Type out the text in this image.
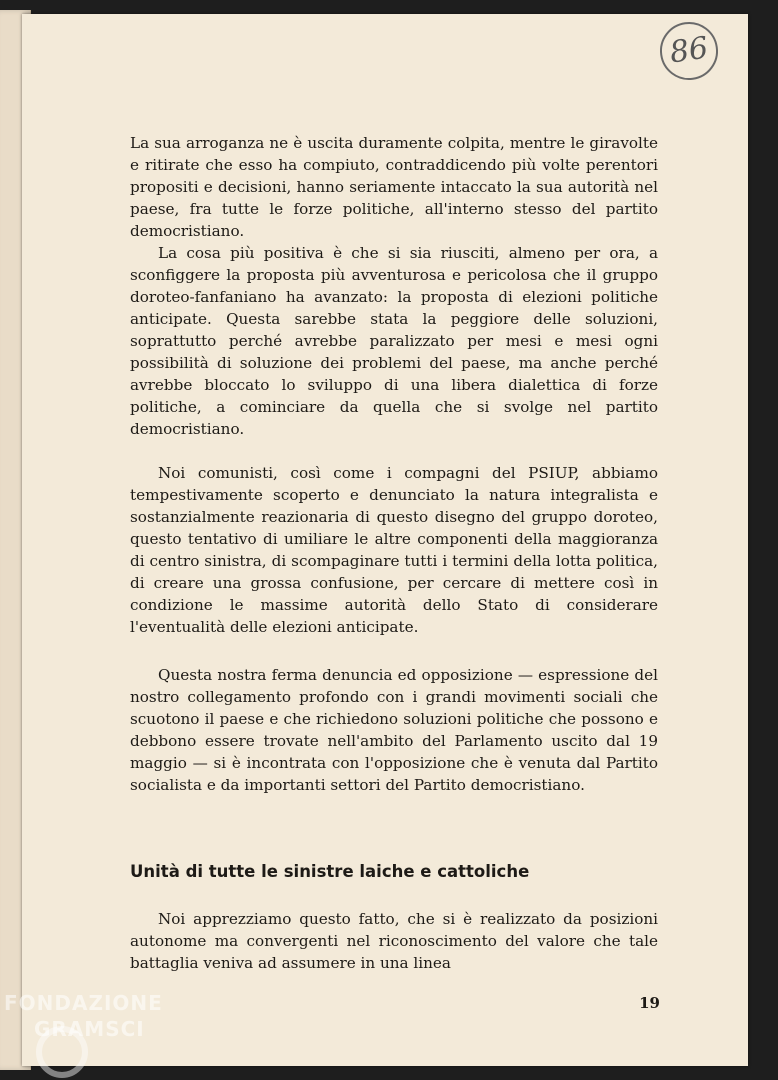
86

La sua arroganza ne è uscita duramente colpita, mentre le giravolte e ritirate che esso ha compiuto, contraddicendo più volte perentori propositi e decisioni, hanno seriamente intaccato la sua autorità nel paese, fra tutte le forze politiche, all'interno stesso del partito democristiano.

La cosa più positiva è che si sia riusciti, almeno per ora, a sconfiggere la proposta più avventurosa e pericolosa che il gruppo doroteo-fanfaniano ha avanzato: la proposta di elezioni politiche anticipate. Questa sarebbe stata la peggiore delle soluzioni, soprattutto perché avrebbe paralizzato per mesi e mesi ogni possibilità di soluzione dei problemi del paese, ma anche perché avrebbe bloccato lo sviluppo di una libera dialettica di forze politiche, a cominciare da quella che si svolge nel partito democristiano.

Noi comunisti, così come i compagni del PSIUP, abbiamo tempestivamente scoperto e denunciato la natura integralista e sostanzialmente reazionaria di questo disegno del gruppo doroteo, questo tentativo di umiliare le altre componenti della maggioranza di centro sinistra, di scompaginare tutti i termini della lotta politica, di creare una grossa confusione, per cercare di mettere così in condizione le massime autorità dello Stato di considerare l'eventualità delle elezioni anticipate.

Questa nostra ferma denuncia ed opposizione — espressione del nostro collegamento profondo con i grandi movimenti sociali che scuotono il paese e che richiedono soluzioni politiche che possono e debbono essere trovate nell'ambito del Parlamento uscito dal 19 maggio — si è incontrata con l'opposizione che è venuta dal Partito socialista e da importanti settori del Partito democristiano.

Unità di tutte le sinistre laiche e cattoliche

Noi apprezziamo questo fatto, che si è realizzato da posizioni autonome ma convergenti nel riconoscimento del valore che tale battaglia veniva ad assumere in una linea

19
FONDAZIONE
GRAMSCI
